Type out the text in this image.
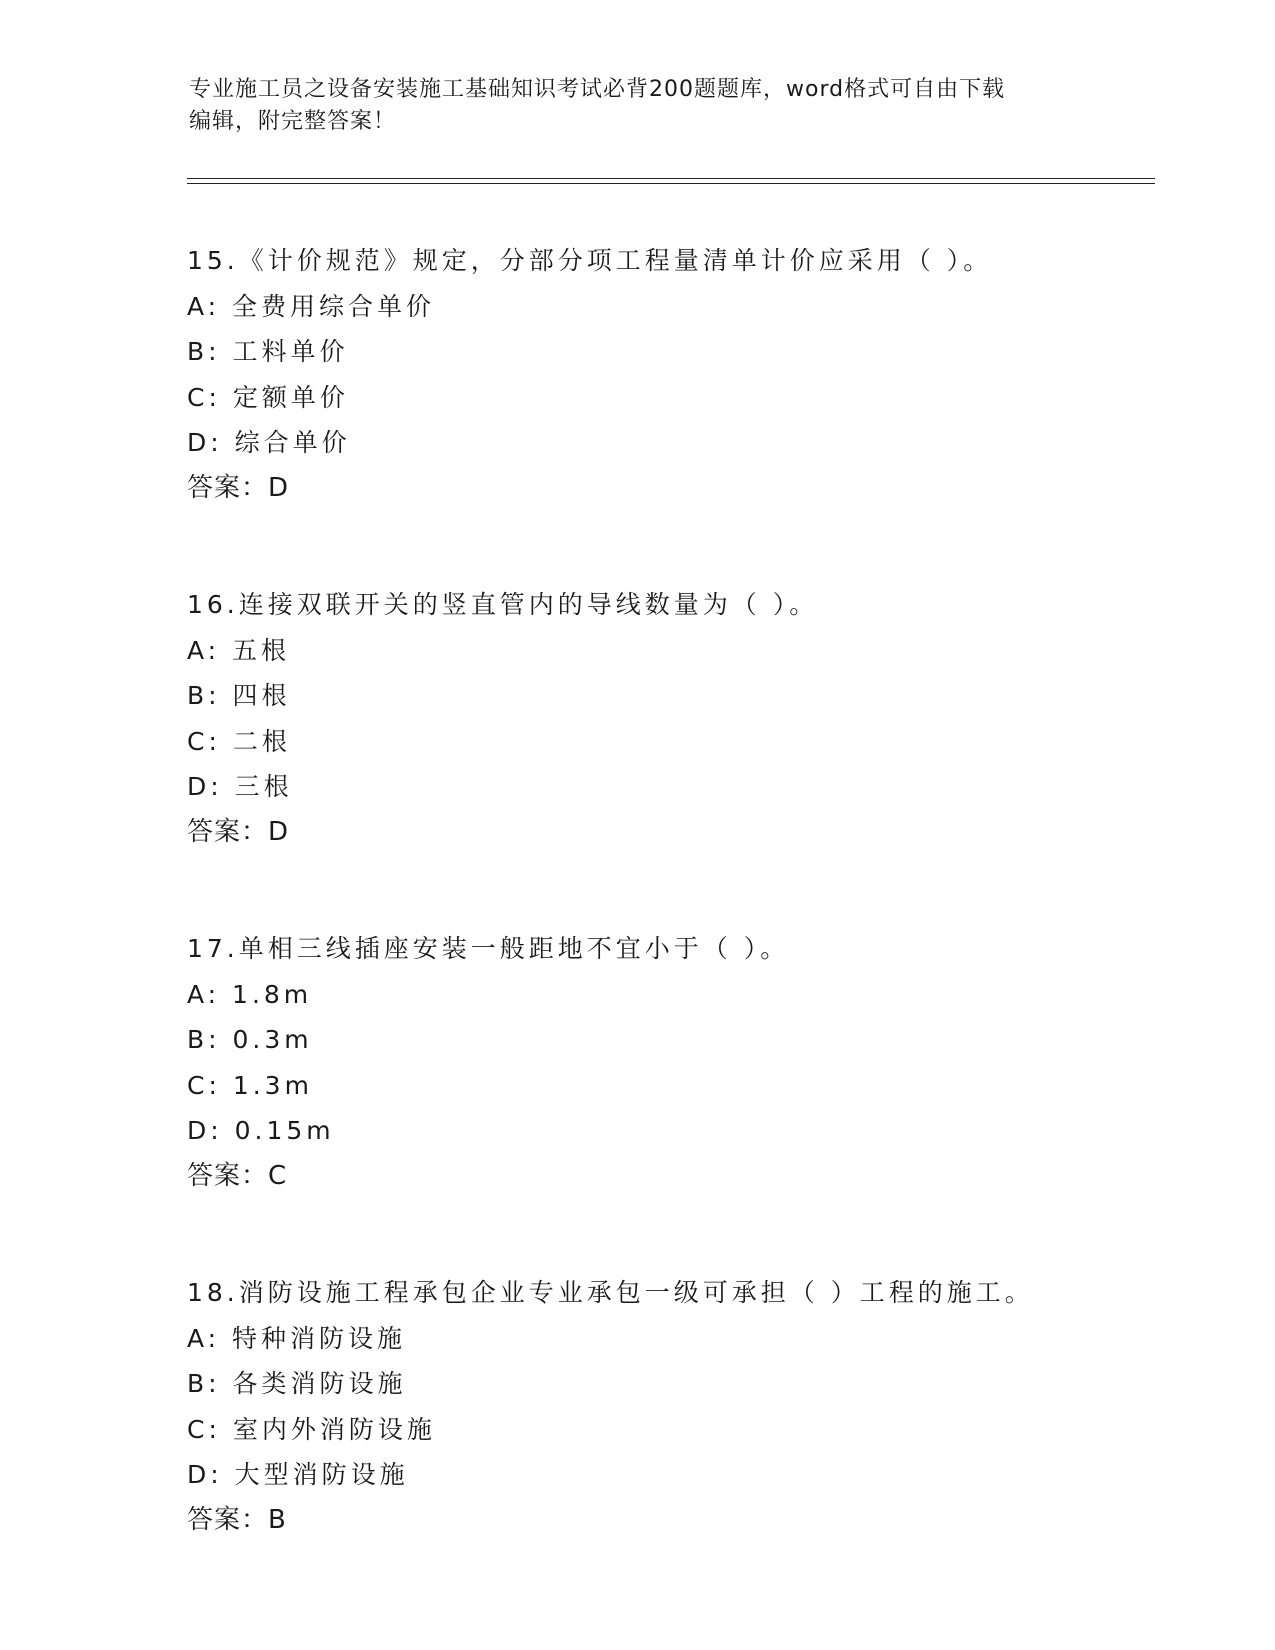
专业施工员之设备安装施工基础知识考试必背200题题库，word格式可自由下载
编辑，附完整答案！
15.《计价规范》规定，分部分项工程量清单计价应采用（ ）。
A: 全费用综合单价
B: 工料单价
C: 定额单价
D: 综合单价
答案：D
16.连接双联开关的竖直管内的导线数量为（ ）。
A: 五根
B: 四根
C: 二根
D: 三根
答案：D
17.单相三线插座安装一般距地不宜小于（ ）。
A: 1.8m
B: 0.3m
C: 1.3m
D: 0.15m
答案：C
18.消防设施工程承包企业专业承包一级可承担（ ）工程的施工。
A: 特种消防设施
B: 各类消防设施
C: 室内外消防设施
D: 大型消防设施
答案：B
